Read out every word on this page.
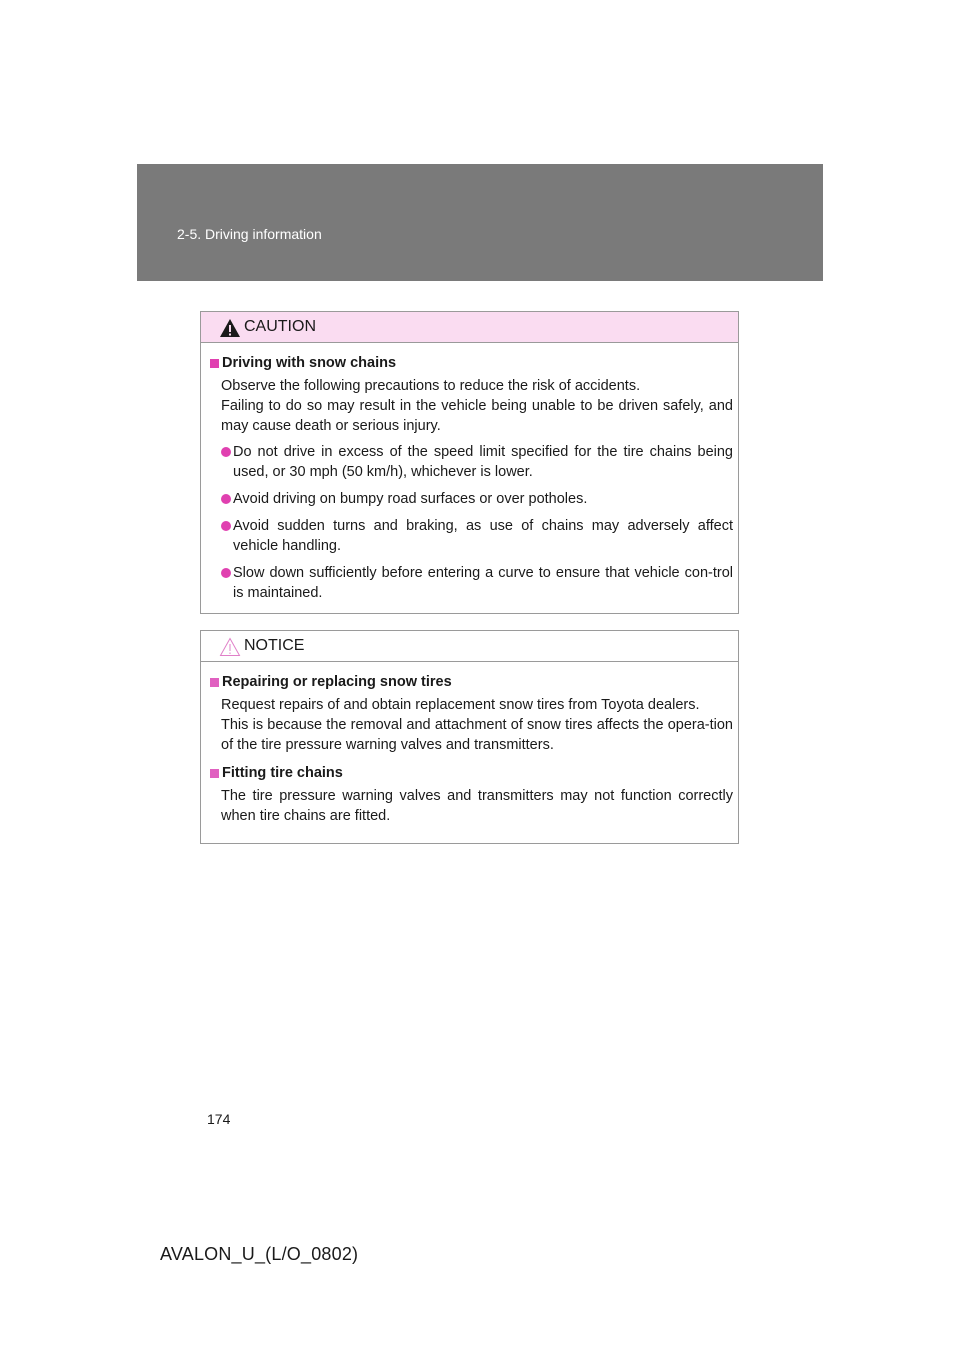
2-5. Driving information
CAUTION
Driving with snow chains
Observe the following precautions to reduce the risk of accidents.
Failing to do so may result in the vehicle being unable to be driven safely, and may cause death or serious injury.
Do not drive in excess of the speed limit specified for the tire chains being used, or 30 mph (50 km/h), whichever is lower.
Avoid driving on bumpy road surfaces or over potholes.
Avoid sudden turns and braking, as use of chains may adversely affect vehicle handling.
Slow down sufficiently before entering a curve to ensure that vehicle con-trol is maintained.
NOTICE
Repairing or replacing snow tires
Request repairs of and obtain replacement snow tires from Toyota dealers.
This is because the removal and attachment of snow tires affects the opera-tion of the tire pressure warning valves and transmitters.
Fitting tire chains
The tire pressure warning valves and transmitters may not function correctly when tire chains are fitted.
174
AVALON_U_(L/O_0802)
